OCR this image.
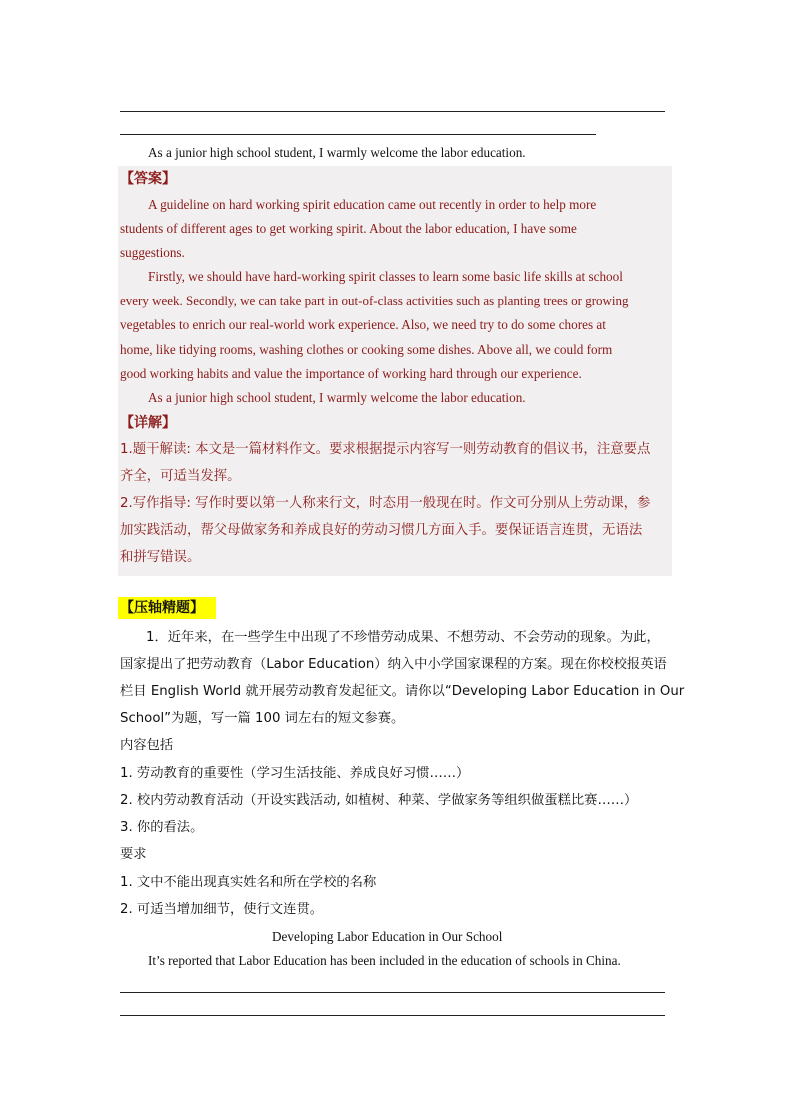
As a junior high school student, I warmly welcome the labor education.
【答案】
A guideline on hard working spirit education came out recently in order to help more
students of different ages to get working spirit. About the labor education, I have some
suggestions.
Firstly, we should have hard-working spirit classes to learn some basic life skills at school
every week. Secondly, we can take part in out-of-class activities such as planting trees or growing
vegetables to enrich our real-world work experience. Also, we need try to do some chores at
home, like tidying rooms, washing clothes or cooking some dishes. Above all, we could form
good working habits and value the importance of working hard through our experience.
As a junior high school student, I warmly welcome the labor education.
【详解】
1.题干解读: 本文是一篇材料作文。要求根据提示内容写一则劳动教育的倡议书，注意要点
齐全，可适当发挥。
2.写作指导: 写作时要以第一人称来行文，时态用一般现在时。作文可分别从上劳动课，参
加实践活动，帮父母做家务和养成良好的劳动习惯几方面入手。要保证语言连贯，无语法
和拼写错误。
【压轴精题】
1．近年来，在一些学生中出现了不珍惜劳动成果、不想劳动、不会劳动的现象。为此，
国家提出了把劳动教育（Labor Education）纳入中小学国家课程的方案。现在你校校报英语
栏目 English World 就开展劳动教育发起征文。请你以“Developing Labor Education in Our
School”为题，写一篇 100 词左右的短文参赛。
内容包括
1. 劳动教育的重要性（学习生活技能、养成良好习惯……）
2. 校内劳动教育活动（开设实践活动, 如植树、种菜、学做家务等组织做蛋糕比赛……）
3. 你的看法。
要求
1. 文中不能出现真实姓名和所在学校的名称
2. 可适当增加细节，使行文连贯。
Developing Labor Education in Our School
It’s reported that Labor Education has been included in the education of schools in China.
